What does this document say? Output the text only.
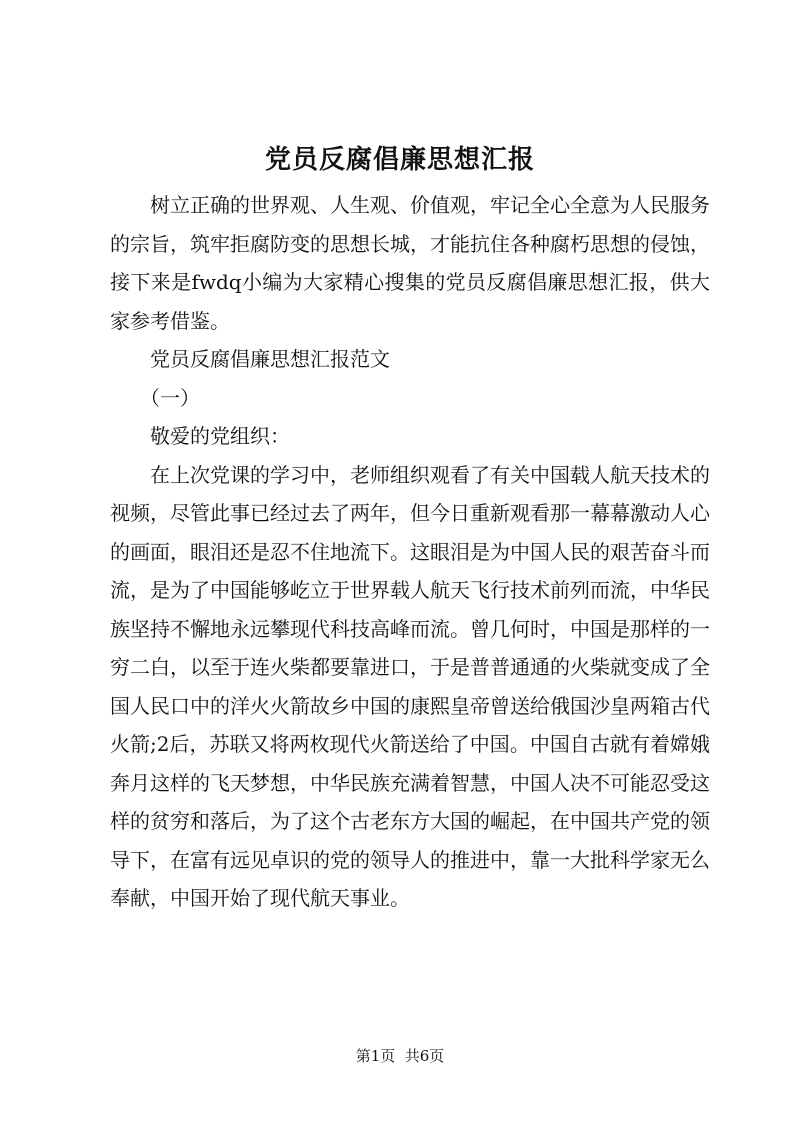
党员反腐倡廉思想汇报

树立正确的世界观、人生观、价值观，牢记全心全意为人民服务的宗旨，筑牢拒腐防变的思想长城，才能抗住各种腐朽思想的侵蚀，接下来是fwdq小编为大家精心搜集的党员反腐倡廉思想汇报，供大家参考借鉴。

党员反腐倡廉思想汇报范文

（一）

敬爱的党组织：

在上次党课的学习中，老师组织观看了有关中国载人航天技术的视频，尽管此事已经过去了两年，但今日重新观看那一幕幕激动人心的画面，眼泪还是忍不住地流下。这眼泪是为中国人民的艰苦奋斗而流，是为了中国能够屹立于世界载人航天飞行技术前列而流，中华民族坚持不懈地永远攀现代科技高峰而流。曾几何时，中国是那样的一穷二白，以至于连火柴都要靠进口，于是普普通通的火柴就变成了全国人民口中的洋火火箭故乡中国的康熙皇帝曾送给俄国沙皇两箱古代火箭;2后，苏联又将两枚现代火箭送给了中国。中国自古就有着嫦娥奔月这样的飞天梦想，中华民族充满着智慧，中国人决不可能忍受这样的贫穷和落后，为了这个古老东方大国的崛起，在中国共产党的领导下，在富有远见卓识的党的领导人的推进中，靠一大批科学家无么奉献，中国开始了现代航天事业。

第1页  共6页
